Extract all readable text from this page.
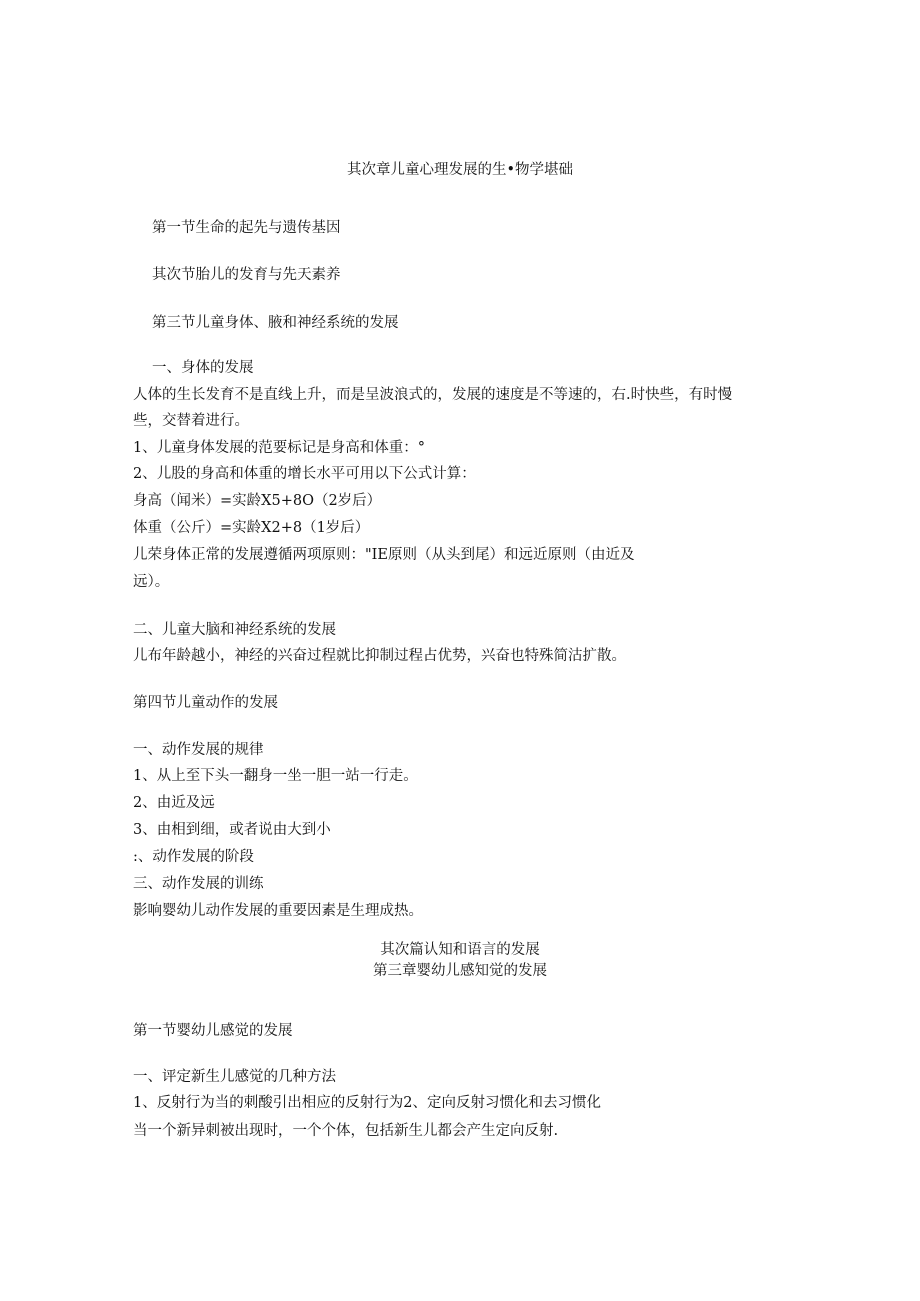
其次章儿童心理发展的生•物学堪础
第一节生命的起先与遗传基因
其次节胎儿的发育与先天素养
第三节儿童身体、腋和神经系统的发展
一、身体的发展
人体的生长发育不是直线上升，而是呈波浪式的，发展的速度是不等速的，右.时快些，有时慢
些，交替着进行。
1、儿童身体发展的范要标记是身高和体重：°
2、儿股的身高和体重的增长水平可用以下公式计算：
身高（闻米）=实龄X5+8O（2岁后）
体重（公斤）=实龄X2+8（1岁后）
儿荣身体正常的发展遵循两项原则："IE原则（从头到尾）和远近原则（由近及
远）。
二、儿童大脑和神经系统的发展
儿布年龄越小，神经的兴奋过程就比抑制过程占优势，兴奋也特殊简沽扩散。
第四节儿童动作的发展
一、动作发展的规律
1、从上至下头一翻身一坐一胆一站一行走。
2、由近及远
3、由相到细，或者说由大到小
:、动作发展的阶段
三、动作发展的训练
影响婴幼儿动作发展的重要因素是生理成热。
其次篇认知和语言的发展
第三章婴幼儿感知觉的发展
第一节婴幼儿感觉的发展
一、评定新生儿感觉的几种方法
1、反射行为当的刺酸引出相应的反射行为2、定向反射习惯化和去习惯化
当一个新异刺被出现时，一个个体，包括新生儿都会产生定向反射.
